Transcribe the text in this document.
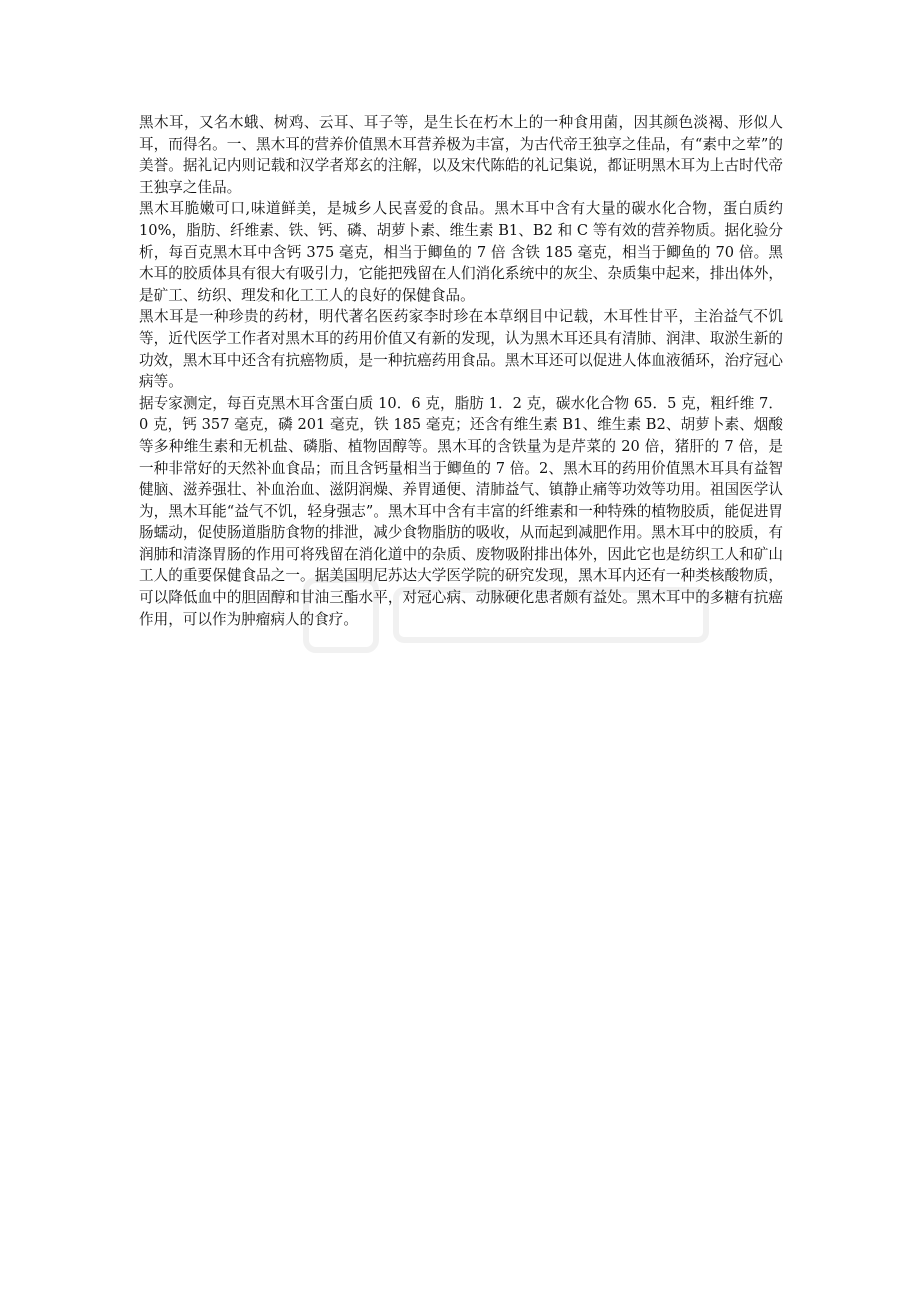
黑木耳，又名木蛾、树鸡、云耳、耳子等，是生长在朽木上的一种食用菌，因其颜色淡褐、形似人耳，而得名。一、黑木耳的营养价值黑木耳营养极为丰富，为古代帝王独享之佳品，有“素中之荤”的美誉。据礼记内则记载和汉学者郑玄的注解，以及宋代陈皓的礼记集说，都证明黑木耳为上古时代帝王独享之佳品。

黑木耳脆嫩可口,味道鲜美，是城乡人民喜爱的食品。黑木耳中含有大量的碳水化合物，蛋白质约 10%，脂肪、纤维素、铁、钙、磷、胡萝卜素、维生素 B1、B2 和 C 等有效的营养物质。据化验分析，每百克黑木耳中含钙 375 毫克，相当于鲫鱼的 7 倍 含铁 185 毫克，相当于鲫鱼的 70 倍。黑木耳的胶质体具有很大有吸引力，它能把残留在人们消化系统中的灰尘、杂质集中起来，排出体外，是矿工、纺织、理发和化工工人的良好的保健食品。

黑木耳是一种珍贵的药材，明代著名医药家李时珍在本草纲目中记载，木耳性甘平，主治益气不饥等，近代医学工作者对黑木耳的药用价值又有新的发现，认为黑木耳还具有清肺、润津、取淤生新的功效，黑木耳中还含有抗癌物质，是一种抗癌药用食品。黑木耳还可以促进人体血液循环，治疗冠心病等。

据专家测定，每百克黑木耳含蛋白质 10．6 克，脂肪 1．2 克，碳水化合物 65．5 克，粗纤维 7．0 克，钙 357 毫克，磷 201 毫克，铁 185 毫克；还含有维生素 B1、维生素 B2、胡萝卜素、烟酸等多种维生素和无机盐、磷脂、植物固醇等。黑木耳的含铁量为是芹菜的 20 倍，猪肝的 7 倍，是一种非常好的天然补血食品；而且含钙量相当于鲫鱼的 7 倍。2、黑木耳的药用价值黑木耳具有益智健脑、滋养强壮、补血治血、滋阴润燥、养胃通便、清肺益气、镇静止痛等功效等功用。祖国医学认为，黑木耳能“益气不饥，轻身强志”。黑木耳中含有丰富的纤维素和一种特殊的植物胶质，能促进胃肠蠕动，促使肠道脂肪食物的排泄，减少食物脂肪的吸收，从而起到减肥作用。黑木耳中的胶质，有润肺和清涤胃肠的作用可将残留在消化道中的杂质、废物吸附排出体外，因此它也是纺织工人和矿山工人的重要保健食品之一。据美国明尼苏达大学医学院的研究发现，黑木耳内还有一种类核酸物质，可以降低血中的胆固醇和甘油三酯水平，对冠心病、动脉硬化患者颇有益处。黑木耳中的多糖有抗癌作用，可以作为肿瘤病人的食疗。
